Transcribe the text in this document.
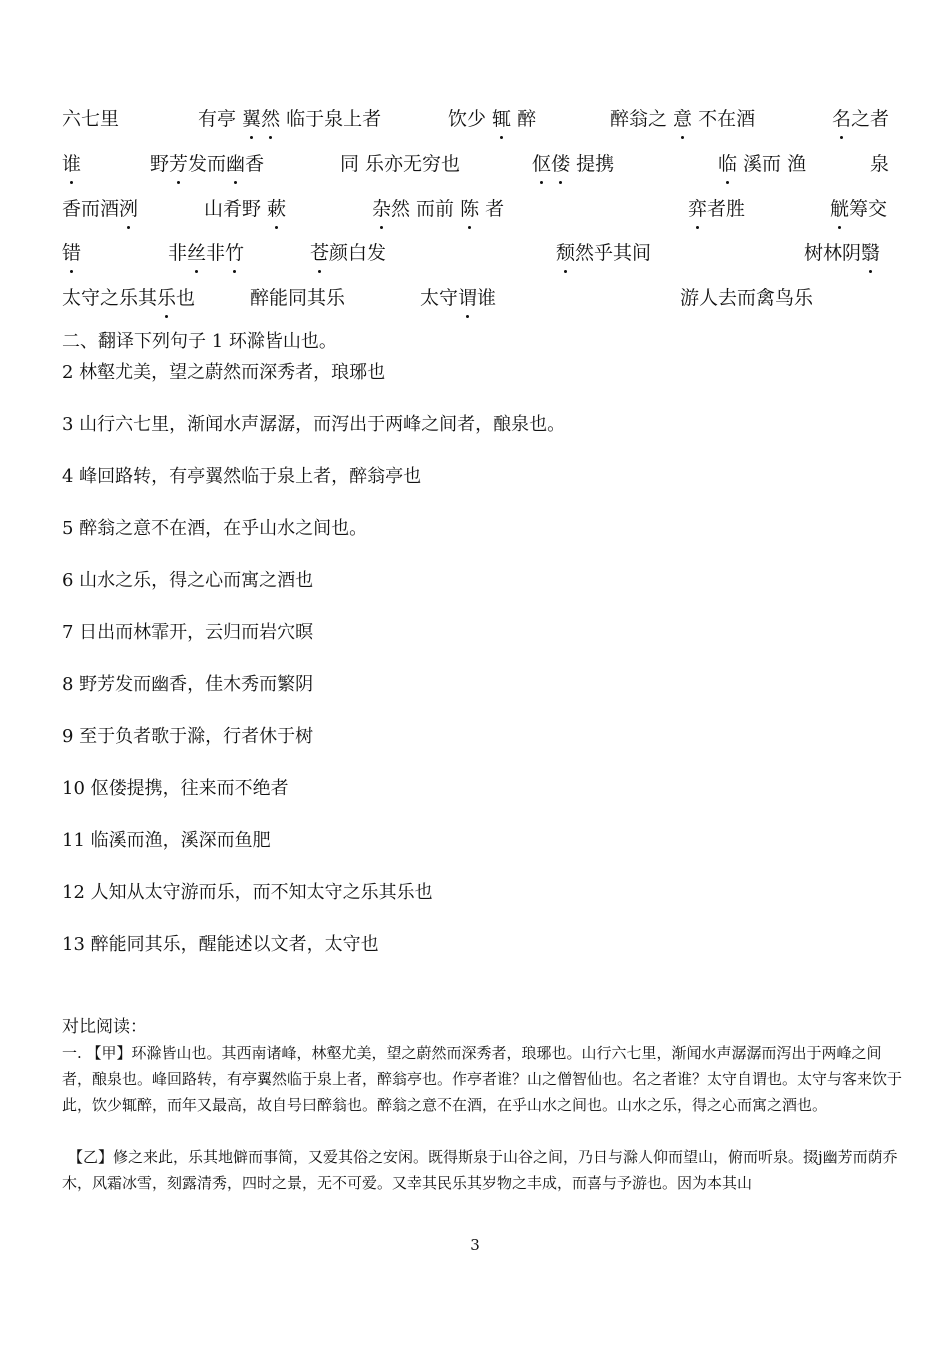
六七里	有亭 翼然 临于泉上者	饮少 辄 醉	醉翁之 意 不在酒	名之者
谁	野芳发而幽香	同 乐亦无穷也	伛偻 提携	临 溪而 渔	泉
香而酒洌	山肴野 蔌	杂然 而前 陈 者	弈者胜	觥筹交
错	非丝非竹	苍颜白发	颓然乎其间	树林阴翳
太守之乐其乐也	醉能同其乐	太守谓谁	游人去而禽鸟乐
二、翻译下列句子 1 环滁皆山也。
2 林壑尤美，望之蔚然而深秀者，琅琊也
3 山行六七里，渐闻水声潺潺，而泻出于两峰之间者，酿泉也。
4 峰回路转，有亭翼然临于泉上者，醉翁亭也
5 醉翁之意不在酒，在乎山水之间也。
6 山水之乐，得之心而寓之酒也
7 日出而林霏开，云归而岩穴暝
8 野芳发而幽香，佳木秀而繁阴
9 至于负者歌于滁，行者休于树
10 伛偻提携，往来而不绝者
11 临溪而渔，溪深而鱼肥
12 人知从太守游而乐，而不知太守之乐其乐也
13 醉能同其乐，醒能述以文者，太守也
对比阅读：
一. 【甲】环滁皆山也。其西南诸峰，林壑尤美，望之蔚然而深秀者，琅琊也。山行六七里，渐闻水声潺潺而泻出于两峰之间者，酿泉也。峰回路转，有亭翼然临于泉上者，醉翁亭也。作亭者谁？山之僧智仙也。名之者谁？太守自谓也。太守与客来饮于此，饮少辄醉，而年又最高，故自号曰醉翁也。醉翁之意不在酒，在乎山水之间也。山水之乐，得之心而寓之酒也。
【乙】修之来此，乐其地僻而事简，又爱其俗之安闲。既得斯泉于山谷之间，乃日与滁人仰而望山，俯而听泉。掇j幽芳而荫乔木，风霜冰雪，刻露清秀，四时之景，无不可爱。又幸其民乐其岁物之丰成，而喜与予游也。因为本其山
3
